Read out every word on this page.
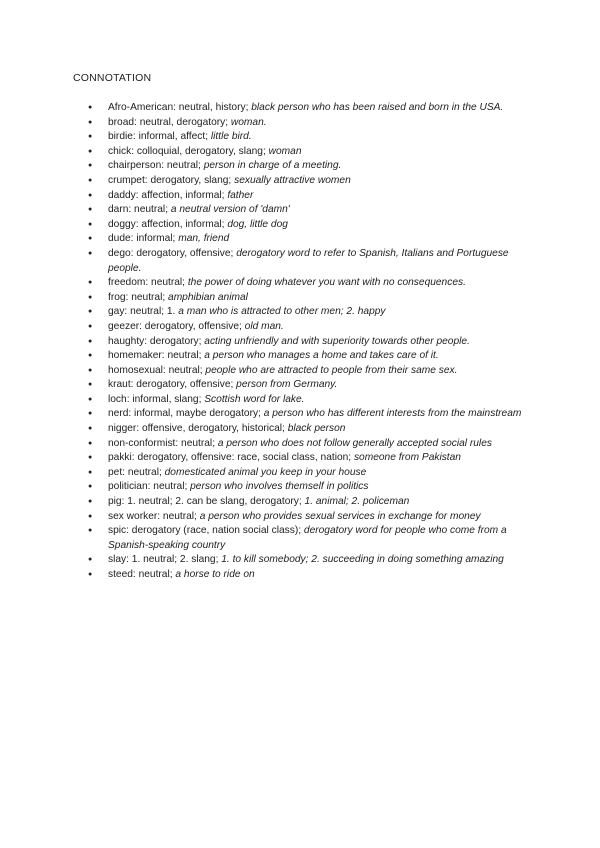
CONNOTATION
● Afro-American: neutral, history; black person who has been raised and born in the USA.
● broad: neutral, derogatory; woman.
● birdie: informal, affect; little bird.
● chick: colloquial, derogatory, slang; woman
● chairperson: neutral; person in charge of a meeting.
● crumpet: derogatory, slang; sexually attractive women
● daddy: affection, informal; father
● darn: neutral; a neutral version of 'damn'
● doggy: affection, informal; dog, little dog
● dude: informal; man, friend
● dego: derogatory, offensive; derogatory word to refer to Spanish, Italians and Portuguese people.
● freedom: neutral; the power of doing whatever you want with no consequences.
● frog: neutral; amphibian animal
● gay: neutral; 1. a man who is attracted to other men; 2. happy
● geezer: derogatory, offensive; old man.
● haughty: derogatory; acting unfriendly and with superiority towards other people.
● homemaker: neutral; a person who manages a home and takes care of it.
● homosexual: neutral; people who are attracted to people from their same sex.
● kraut: derogatory, offensive; person from Germany.
● loch: informal, slang; Scottish word for lake.
● nerd: informal, maybe derogatory; a person who has different interests from the mainstream
● nigger: offensive, derogatory, historical; black person
● non-conformist: neutral; a person who does not follow generally accepted social rules
● pakki: derogatory, offensive: race, social class, nation; someone from Pakistan
● pet: neutral; domesticated animal you keep in your house
● politician: neutral; person who involves themself in politics
● pig: 1. neutral; 2. can be slang, derogatory; 1. animal; 2. policeman
● sex worker: neutral; a person who provides sexual services in exchange for money
● spic: derogatory (race, nation social class); derogatory word for people who come from a Spanish-speaking country
● slay: 1. neutral; 2. slang; 1. to kill somebody; 2. succeeding in doing something amazing
● steed: neutral; a horse to ride on
